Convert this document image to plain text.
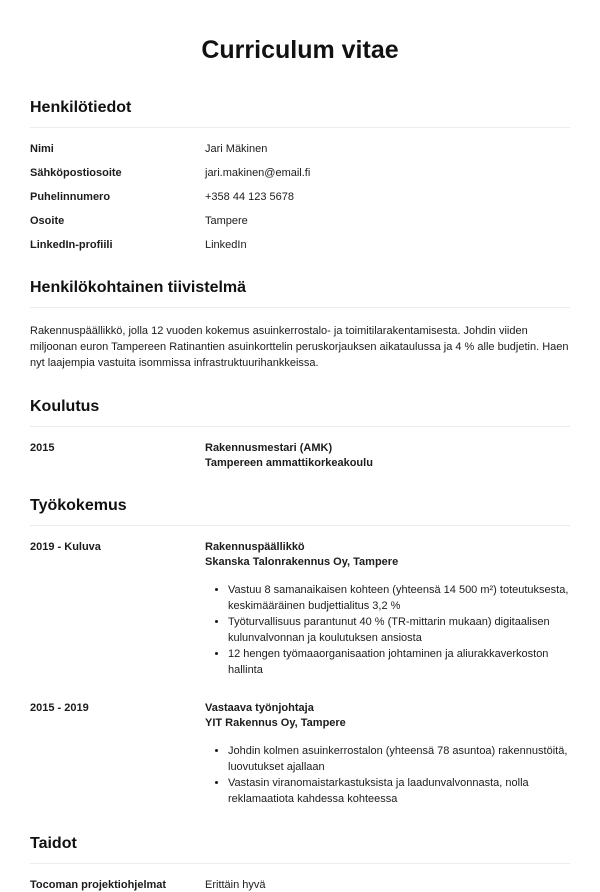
Curriculum vitae
Henkilötiedot
Nimi	Jari Mäkinen
Sähköpostiosoite	jari.makinen@email.fi
Puhelinnumero	+358 44 123 5678
Osoite	Tampere
LinkedIn-profiili	LinkedIn
Henkilökohtainen tiivistelmä

Rakennuspäällikkö, jolla 12 vuoden kokemus asuinkerrostalo- ja toimitilarakentamisesta. Johdin viiden miljoonan euron Tampereen Ratinantien asuinkorttelin peruskorjauksen aikataulussa ja 4 % alle budjetin. Haen nyt laajempia vastuita isommissa infrastruktuurihankkeissa.

Koulutus
2015	Rakennusmestari (AMK)
Tampereen ammattikorkeakoulu
Työkokemus
2019 - Kuluva	Rakennuspäällikkö
Skanska Talonrakennus Oy, Tampere
• Vastuu 8 samanaikaisen kohteen (yhteensä 14 500 m²) toteutuksesta, keskimääräinen budjettialitus 3,2 %
• Työturvallisuus parantunut 40 % (TR-mittarin mukaan) digitaalisen kulunvalvonnan ja koulutuksen ansiosta
• 12 hengen työmaaorganisaation johtaminen ja aliurakkaverkoston hallinta
2015 - 2019	Vastaava työnjohtaja
YIT Rakennus Oy, Tampere
• Johdin kolmen asuinkerrostalon (yhteensä 78 asuntoa) rakennustöitä, luovutukset ajallaan
• Vastasin viranomaistarkastuksista ja laadunvalvonnasta, nolla reklamaatiota kahdessa kohteessa
Taidot
Tocoman projektiohjelmat	Erittäin hyvä
